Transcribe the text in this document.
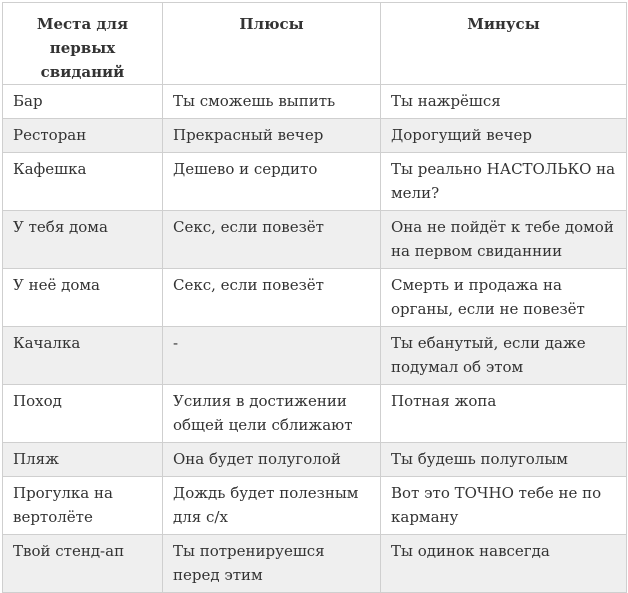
Места для первых свиданий	Плюсы	Минусы
Бар	Ты сможешь выпить	Ты нажрёшся
Ресторан	Прекрасный вечер	Дорогущий вечер
Кафешка	Дешево и сердито	Ты реально НАСТОЛЬКО на мели?
У тебя дома	Секс, если повезёт	Она не пойдёт к тебе домой на первом свиданнии
У неё дома	Секс, если повезёт	Смерть и продажа на органы, если не повезёт
Качалка	-	Ты ебанутый, если даже подумал об этом
Поход	Усилия в достижении общей цели сближают	Потная жопа
Пляж	Она будет полуголой	Ты будешь полуголым
Прогулка на вертолёте	Дождь будет полезным для с/х	Вот это ТОЧНО тебе не по карману
Твой стенд-ап	Ты потренируешся перед этим	Ты одинок навсегда
